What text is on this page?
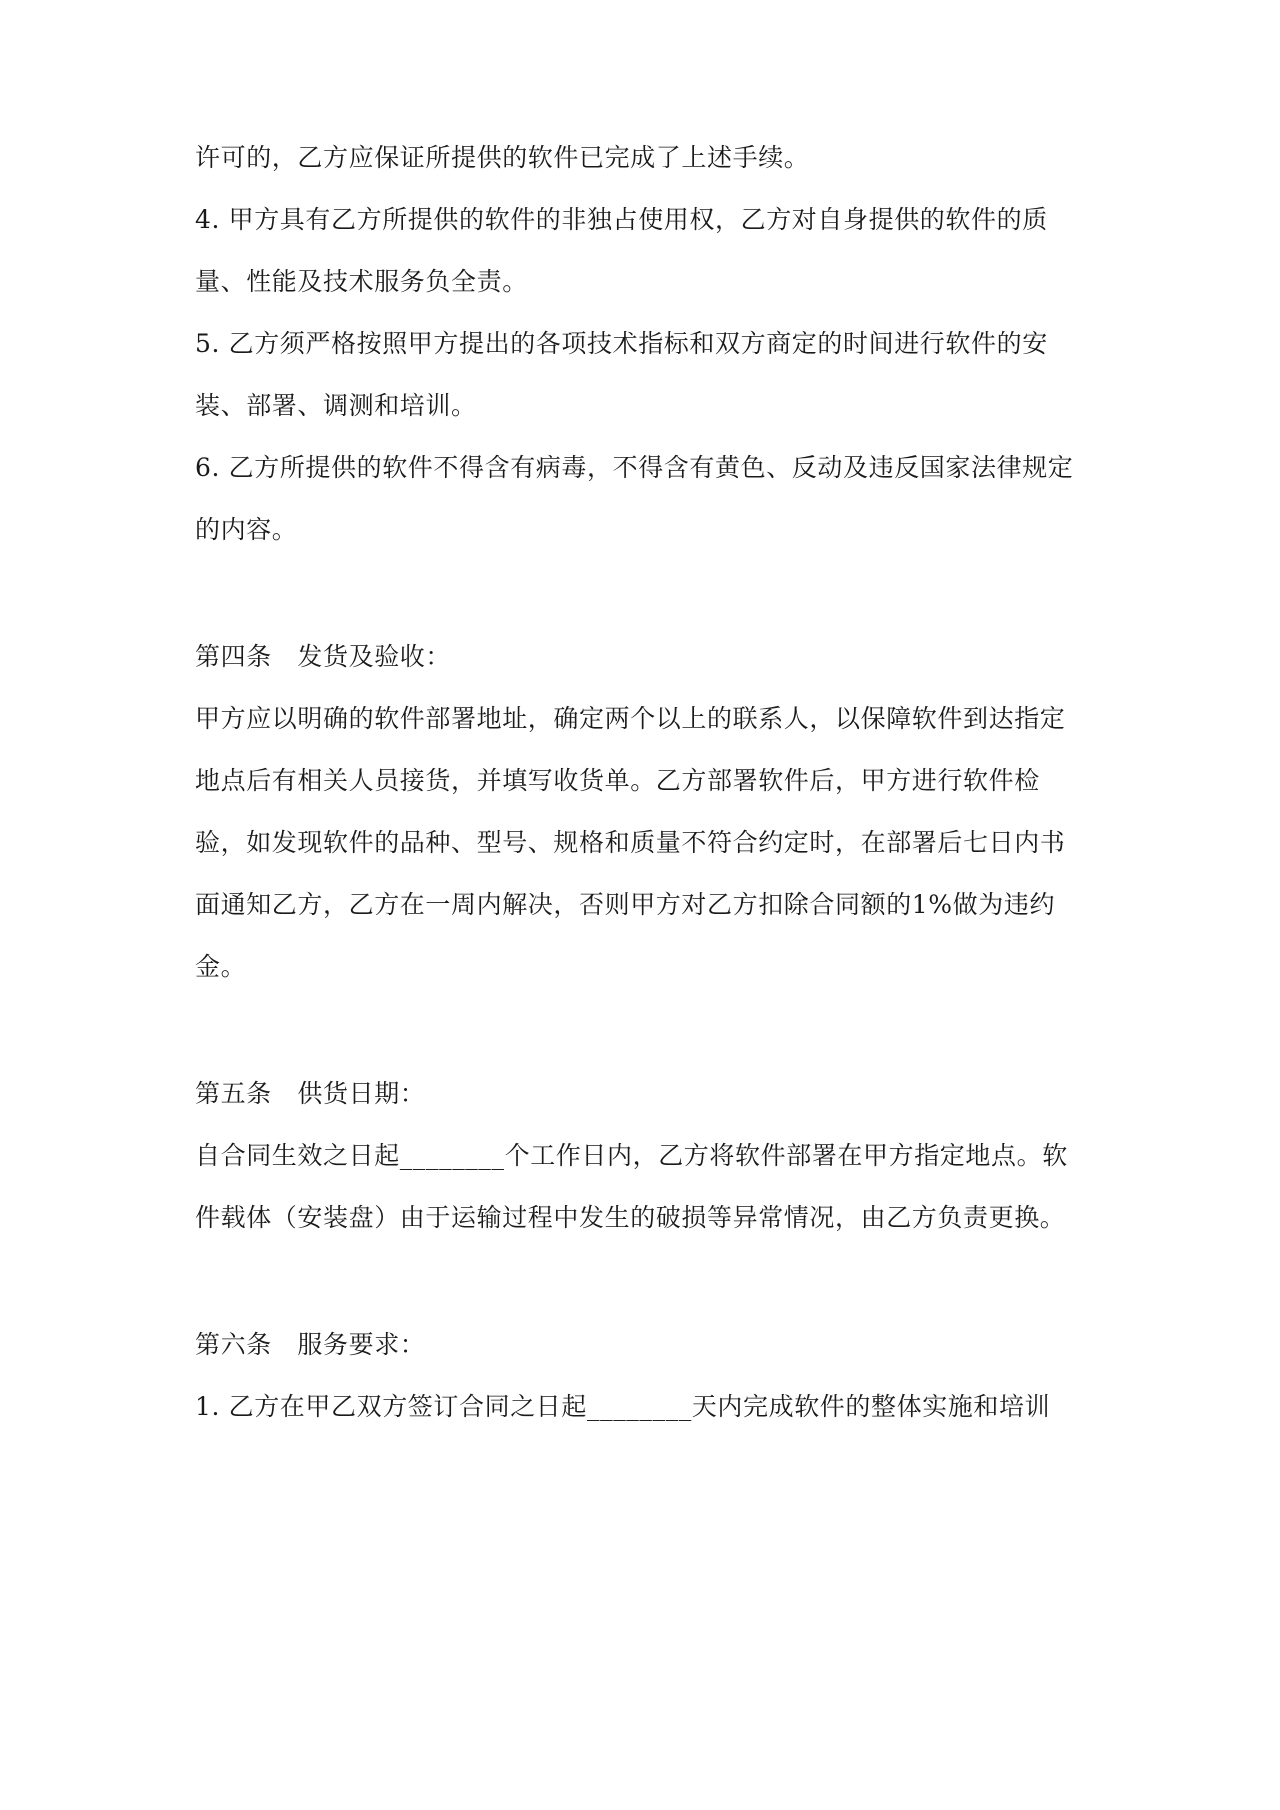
许可的，乙方应保证所提供的软件已完成了上述手续。
4. 甲方具有乙方所提供的软件的非独占使用权，乙方对自身提供的软件的质
量、性能及技术服务负全责。
5. 乙方须严格按照甲方提出的各项技术指标和双方商定的时间进行软件的安
装、部署、调测和培训。
6. 乙方所提供的软件不得含有病毒，不得含有黄色、反动及违反国家法律规定
的内容。
第四条　发货及验收：
甲方应以明确的软件部署地址，确定两个以上的联系人，以保障软件到达指定
地点后有相关人员接货，并填写收货单。乙方部署软件后，甲方进行软件检
验，如发现软件的品种、型号、规格和质量不符合约定时，在部署后七日内书
面通知乙方，乙方在一周内解决，否则甲方对乙方扣除合同额的1%做为违约
金。
第五条　供货日期：
自合同生效之日起________个工作日内，乙方将软件部署在甲方指定地点。软
件载体（安装盘）由于运输过程中发生的破损等异常情况，由乙方负责更换。
第六条　服务要求：
1. 乙方在甲乙双方签订合同之日起________天内完成软件的整体实施和培训
